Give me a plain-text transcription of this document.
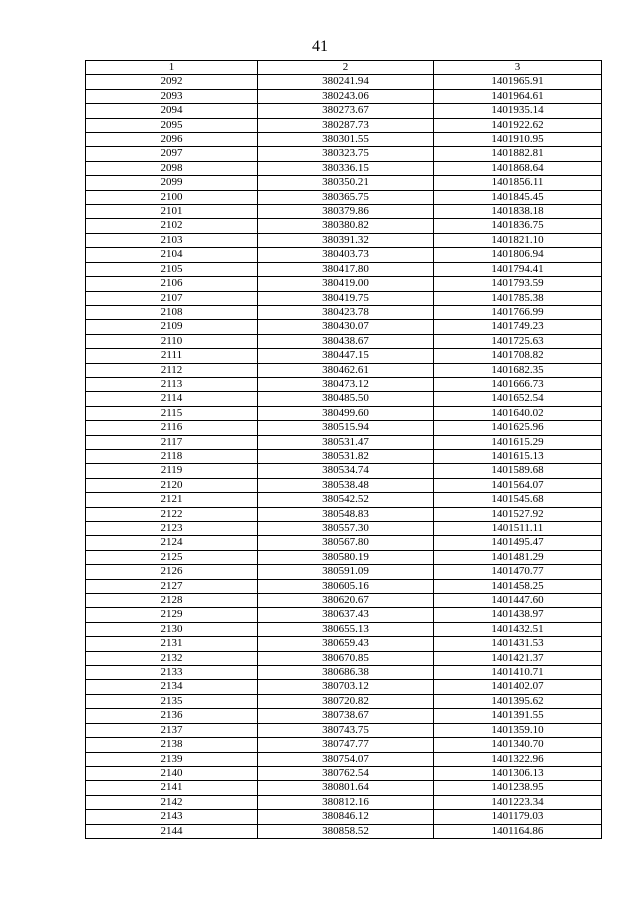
41
1	2	3
2092	380241.94	1401965.91
2093	380243.06	1401964.61
2094	380273.67	1401935.14
2095	380287.73	1401922.62
2096	380301.55	1401910.95
2097	380323.75	1401882.81
2098	380336.15	1401868.64
2099	380350.21	1401856.11
2100	380365.75	1401845.45
2101	380379.86	1401838.18
2102	380380.82	1401836.75
2103	380391.32	1401821.10
2104	380403.73	1401806.94
2105	380417.80	1401794.41
2106	380419.00	1401793.59
2107	380419.75	1401785.38
2108	380423.78	1401766.99
2109	380430.07	1401749.23
2110	380438.67	1401725.63
2111	380447.15	1401708.82
2112	380462.61	1401682.35
2113	380473.12	1401666.73
2114	380485.50	1401652.54
2115	380499.60	1401640.02
2116	380515.94	1401625.96
2117	380531.47	1401615.29
2118	380531.82	1401615.13
2119	380534.74	1401589.68
2120	380538.48	1401564.07
2121	380542.52	1401545.68
2122	380548.83	1401527.92
2123	380557.30	1401511.11
2124	380567.80	1401495.47
2125	380580.19	1401481.29
2126	380591.09	1401470.77
2127	380605.16	1401458.25
2128	380620.67	1401447.60
2129	380637.43	1401438.97
2130	380655.13	1401432.51
2131	380659.43	1401431.53
2132	380670.85	1401421.37
2133	380686.38	1401410.71
2134	380703.12	1401402.07
2135	380720.82	1401395.62
2136	380738.67	1401391.55
2137	380743.75	1401359.10
2138	380747.77	1401340.70
2139	380754.07	1401322.96
2140	380762.54	1401306.13
2141	380801.64	1401238.95
2142	380812.16	1401223.34
2143	380846.12	1401179.03
2144	380858.52	1401164.86
